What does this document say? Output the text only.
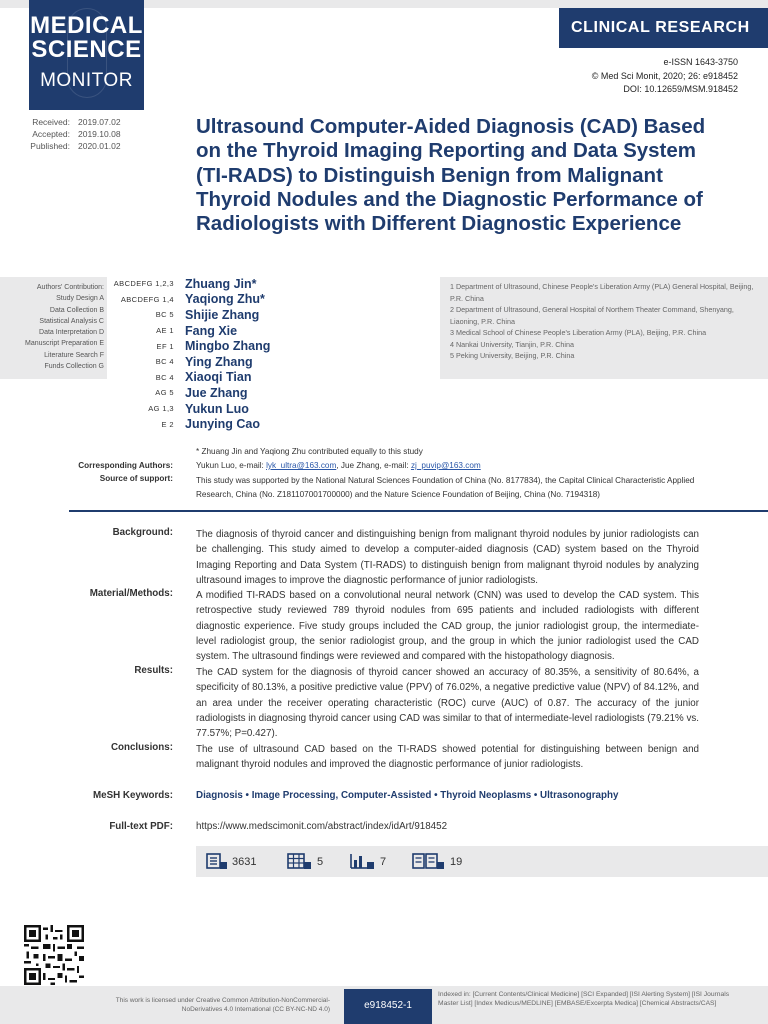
MEDICAL
SCIENCE
MONITOR
CLINICAL RESEARCH
e-ISSN 1643-3750
© Med Sci Monit, 2020; 26: e918452
DOI: 10.12659/MSM.918452
Received: 2019.07.02
Accepted: 2019.10.08
Published: 2020.01.02
Ultrasound Computer-Aided Diagnosis (CAD) Based on the Thyroid Imaging Reporting and Data System (TI-RADS) to Distinguish Benign from Malignant Thyroid Nodules and the Diagnostic Performance of Radiologists with Different Diagnostic Experience
Authors' Contribution:
Study Design A
Data Collection B
Statistical Analysis C
Data Interpretation D
Manuscript Preparation E
Literature Search F
Funds Collection G
ABCDEFG 1,2,3 Zhuang Jin*
ABCDEFG 1,4 Yaqiong Zhu*
BC 5 Shijie Zhang
AE 1 Fang Xie
EF 1 Mingbo Zhang
BC 4 Ying Zhang
BC 4 Xiaoqi Tian
AG 5 Jue Zhang
AG 1,3 Yukun Luo
E 2 Junying Cao
1 Department of Ultrasound, Chinese People's Liberation Army (PLA) General Hospital, Beijing, P.R. China
2 Department of Ultrasound, General Hospital of Northern Theater Command, Shenyang, Liaoning, P.R. China
3 Medical School of Chinese People's Liberation Army (PLA), Beijing, P.R. China
4 Nankai University, Tianjin, P.R. China
5 Peking University, Beijing, P.R. China
* Zhuang Jin and Yaqiong Zhu contributed equally to this study
Corresponding Authors:	Yukun Luo, e-mail: lyk_ultra@163.com, Jue Zhang, e-mail: zj_puvip@163.com
Source of support:	This study was supported by the National Natural Sciences Foundation of China (No. 8177834), the Capital Clinical Characteristic Applied Research, China (No. Z181107001700000) and the Nature Science Foundation of Beijing, China (No. 7194318)
Background: The diagnosis of thyroid cancer and distinguishing benign from malignant thyroid nodules by junior radiologists can be challenging. This study aimed to develop a computer-aided diagnosis (CAD) system based on the Thyroid Imaging Reporting and Data System (TI-RADS) to distinguish benign from malignant thyroid nodules by analyzing ultrasound images to improve the diagnostic performance of junior radiologists.
Material/Methods: A modified TI-RADS based on a convolutional neural network (CNN) was used to develop the CAD system. This retrospective study reviewed 789 thyroid nodules from 695 patients and included radiologists with different diagnostic experience. Five study groups included the CAD group, the junior radiologist group, the intermediate-level radiologist group, the senior radiologist group, and the group in which the junior radiologist used the CAD system. The ultrasound findings were reviewed and compared with the histopathology diagnosis.
Results: The CAD system for the diagnosis of thyroid cancer showed an accuracy of 80.35%, a sensitivity of 80.64%, a specificity of 80.13%, a positive predictive value (PPV) of 76.02%, a negative predictive value (NPV) of 84.12%, and an area under the receiver operating characteristic (ROC) curve (AUC) of 0.87. The accuracy of the junior radiologists in diagnosing thyroid cancer using CAD was similar to that of intermediate-level radiologists (79.21% vs. 77.57%; P=0.427).
Conclusions: The use of ultrasound CAD based on the TI-RADS showed potential for distinguishing between benign and malignant thyroid nodules and improved the diagnostic performance of junior radiologists.
MeSH Keywords: Diagnosis • Image Processing, Computer-Assisted • Thyroid Neoplasms • Ultrasonography
Full-text PDF: https://www.medscimonit.com/abstract/index/idArt/918452
3631	5	7	19
This work is licensed under Creative Common Attribution-NonCommercial-NoDerivatives 4.0 International (CC BY-NC-ND 4.0)	e918452-1
Indexed in: [Current Contents/Clinical Medicine] [SCI Expanded] [ISI Alerting System] [ISI Journals Master List] [Index Medicus/MEDLINE] [EMBASE/Excerpta Medica] [Chemical Abstracts/CAS]
